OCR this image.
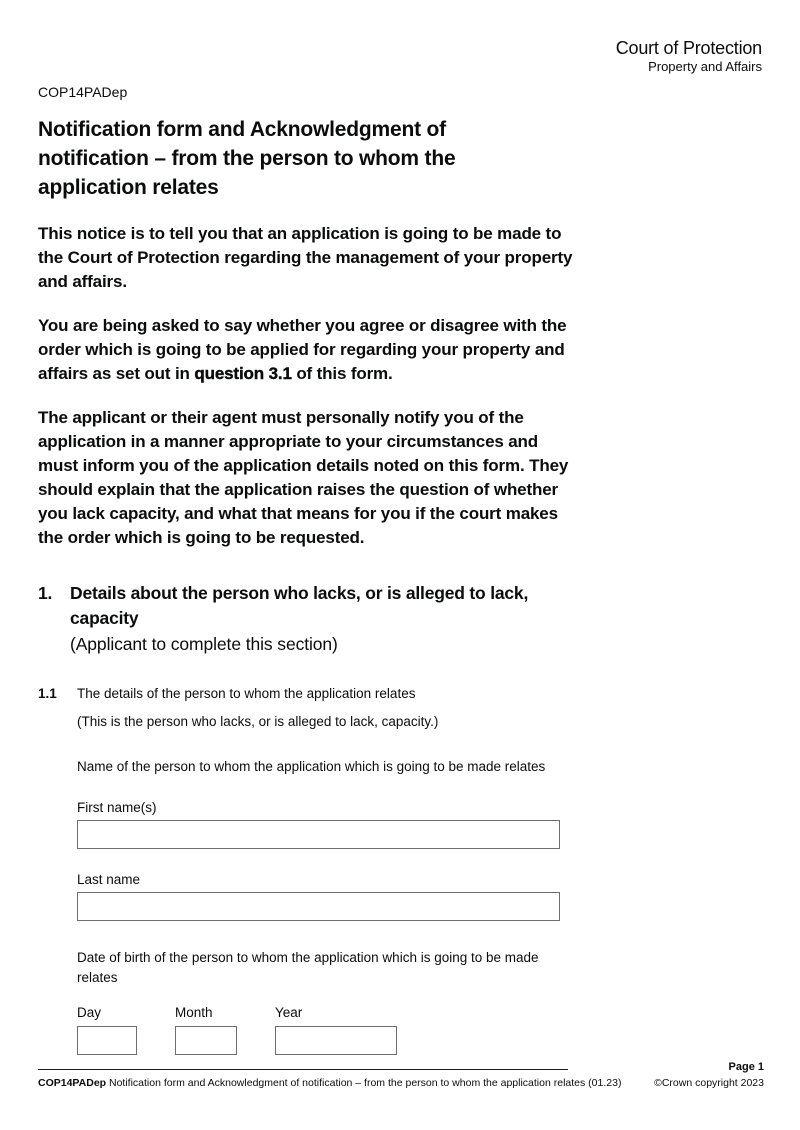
Court of Protection
Property and Affairs
COP14PADep
Notification form and Acknowledgment of notification – from the person to whom the application relates

This notice is to tell you that an application is going to be made to the Court of Protection regarding the management of your property and affairs.

You are being asked to say whether you agree or disagree with the order which is going to be applied for regarding your property and affairs as set out in question 3.1 of this form.

The applicant or their agent must personally notify you of the application in a manner appropriate to your circumstances and must inform you of the application details noted on this form. They should explain that the application raises the question of whether you lack capacity, and what that means for you if the court makes the order which is going to be requested.

1.	Details about the person who lacks, or is alleged to lack, capacity
(Applicant to complete this section)
1.1	The details of the person to whom the application relates
(This is the person who lacks, or is alleged to lack, capacity.)
Name of the person to whom the application which is going to be made relates
First name(s)
Last name
Date of birth of the person to whom the application which is going to be made relates
Day	Month	Year
Page 1
COP14PADep Notification form and Acknowledgment of notification – from the person to whom the application relates (01.23)	©Crown copyright 2023
